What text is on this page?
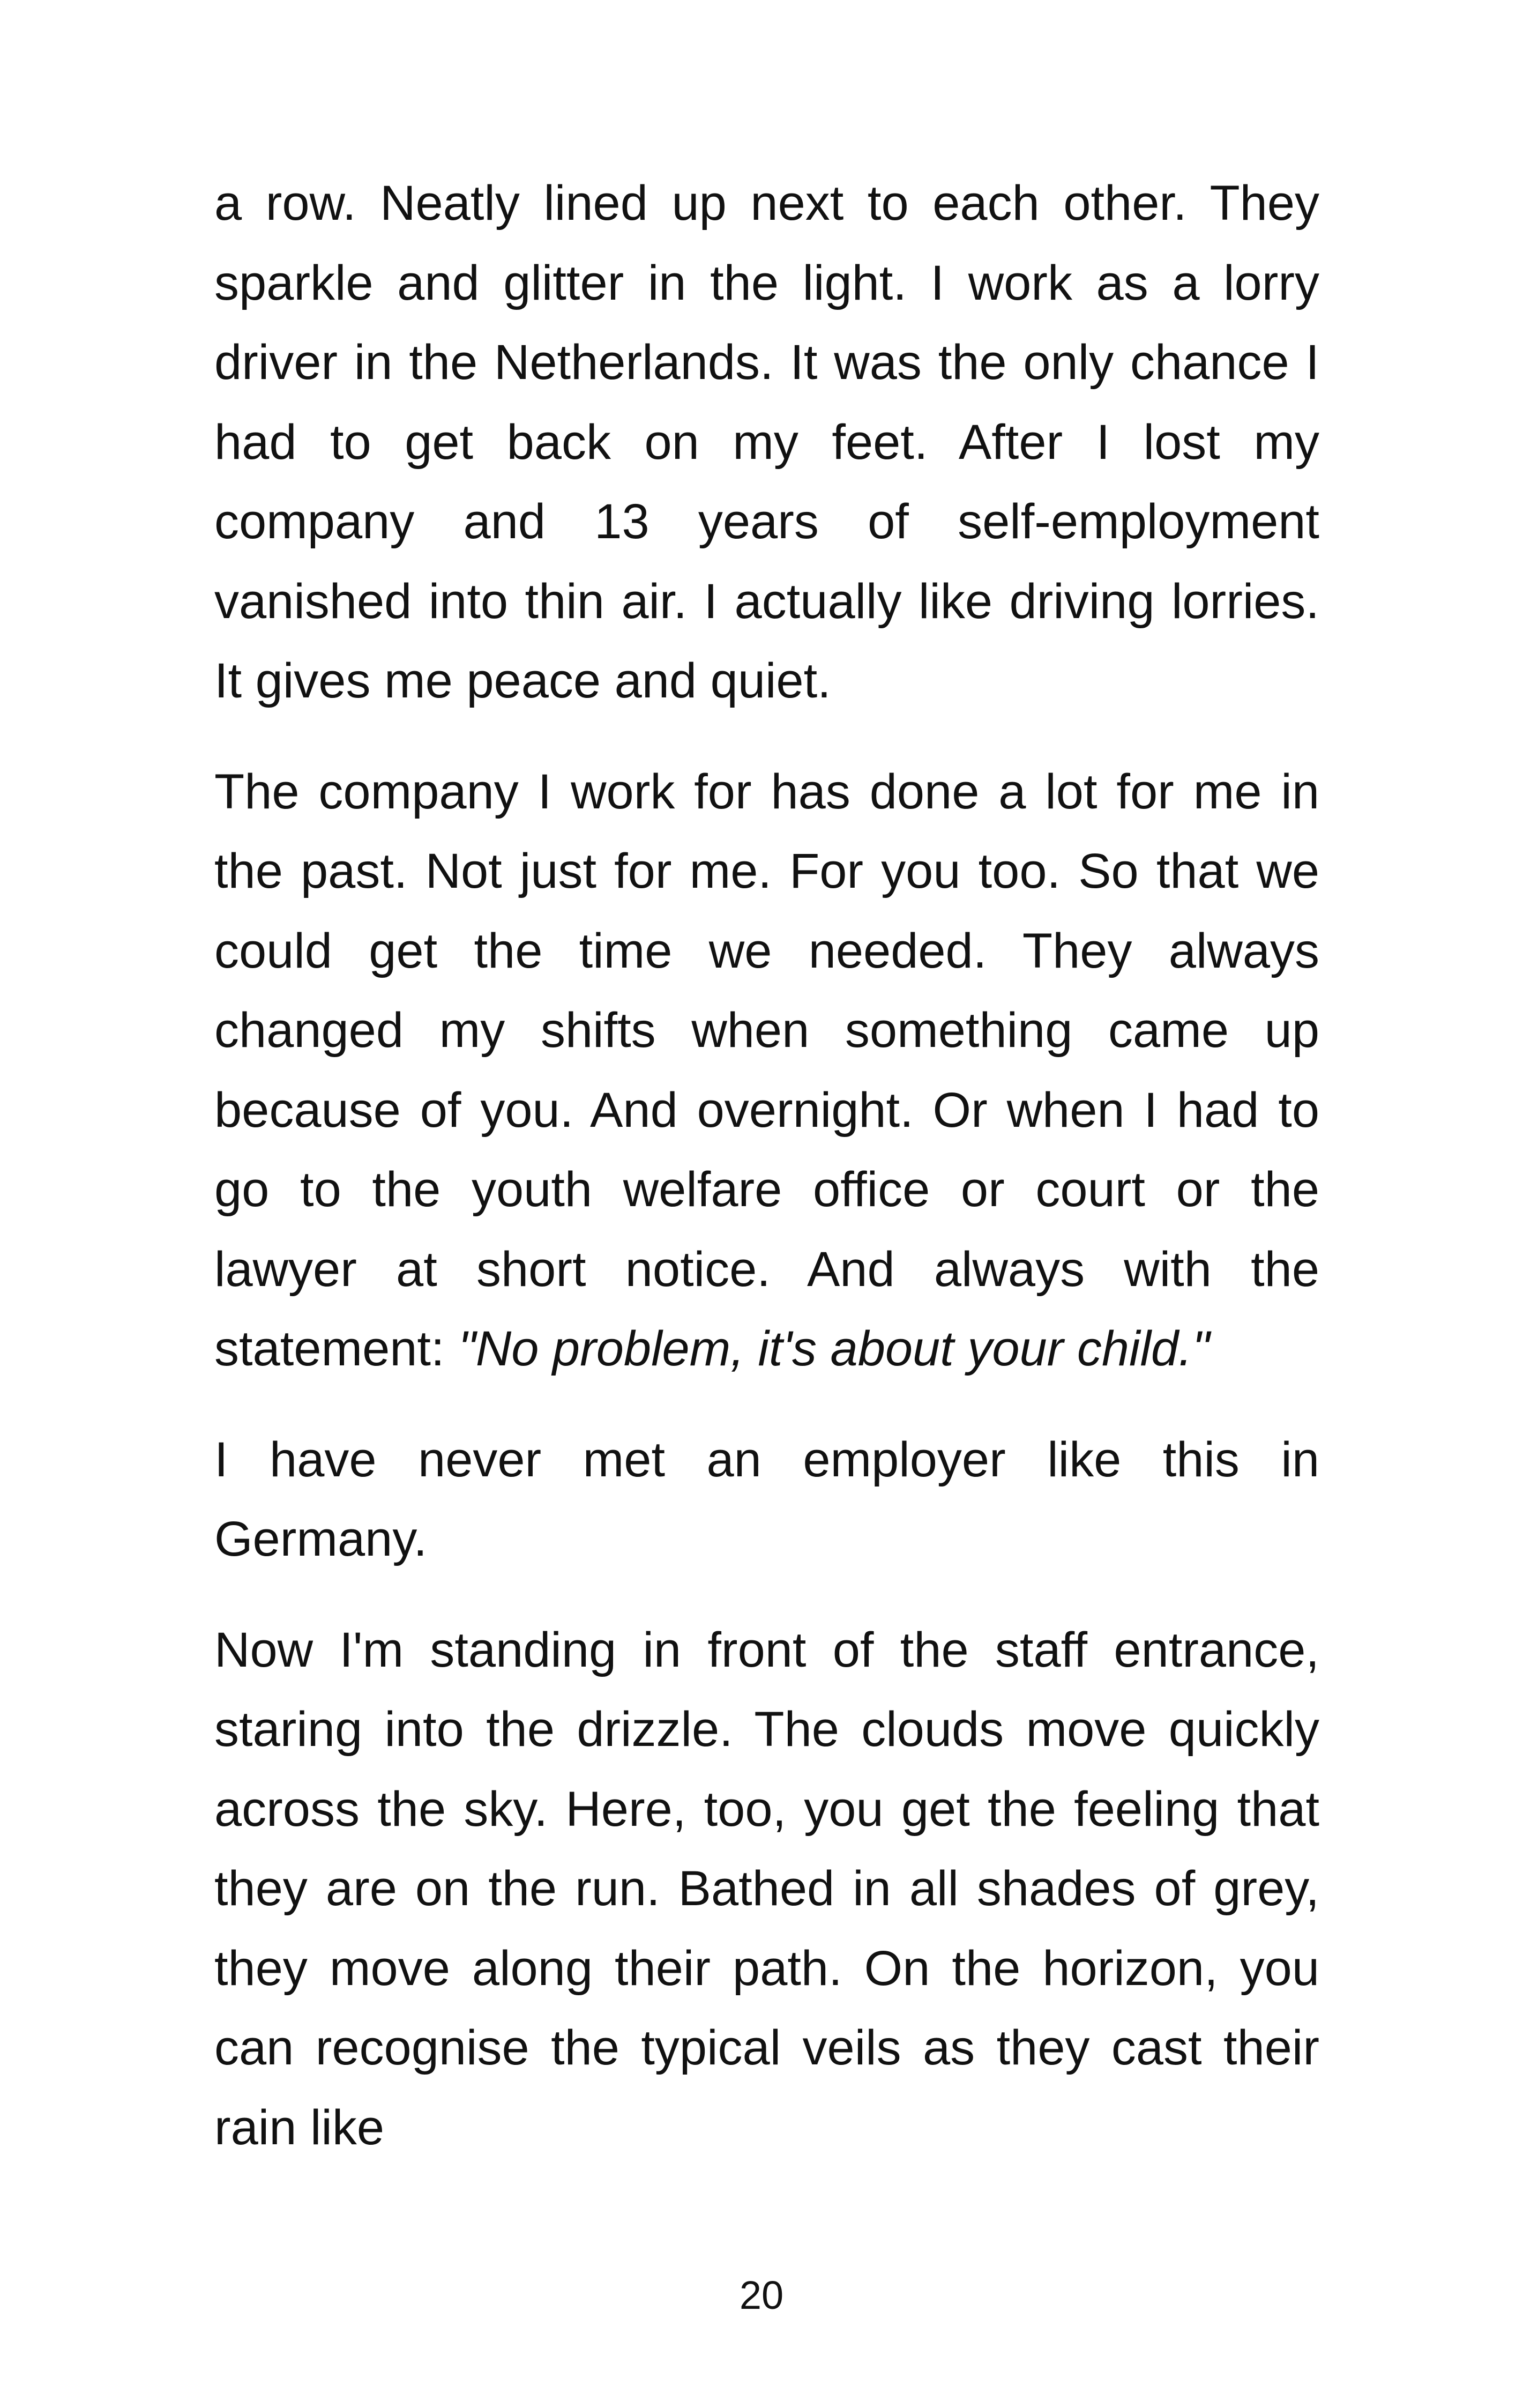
a row. Neatly lined up next to each other. They sparkle and glitter in the light. I work as a lorry driver in the Netherlands. It was the only chance I had to get back on my feet. After I lost my company and 13 years of self-employment vanished into thin air. I actually like driving lorries. It gives me peace and quiet.

The company I work for has done a lot for me in the past. Not just for me. For you too. So that we could get the time we needed. They always changed my shifts when something came up because of you. And overnight. Or when I had to go to the youth welfare office or court or the lawyer at short notice. And always with the statement: "No problem, it's about your child."

I have never met an employer like this in Germany.

Now I'm standing in front of the staff entrance, staring into the drizzle. The clouds move quickly across the sky. Here, too, you get the feeling that they are on the run. Bathed in all shades of grey, they move along their path. On the horizon, you can recognise the typical veils as they cast their rain like

20
